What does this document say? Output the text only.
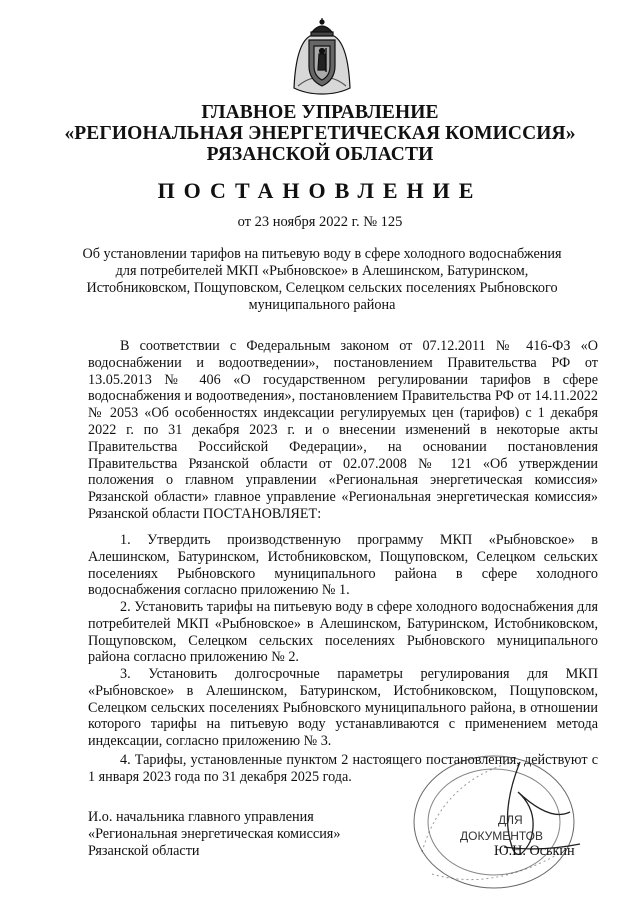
ГЛАВНОЕ УПРАВЛЕНИЕ
«РЕГИОНАЛЬНАЯ ЭНЕРГЕТИЧЕСКАЯ КОМИССИЯ»
РЯЗАНСКОЙ ОБЛАСТИ
ПОСТАНОВЛЕНИЕ
от 23 ноября 2022 г. № 125
Об установлении тарифов на питьевую воду в сфере холодного водоснабжения для потребителей МКП «Рыбновское» в Алешинском, Батуринском, Истобниковском, Пощуповском, Селецком сельских поселениях Рыбновского муниципального района

В соответствии с Федеральным законом от 07.12.2011 № 416-ФЗ «О водоснабжении и водоотведении», постановлением Правительства РФ от 13.05.2013 № 406 «О государственном регулировании тарифов в сфере водоснабжения и водоотведения», постановлением Правительства РФ от 14.11.2022 № 2053 «Об особенностях индексации регулируемых цен (тарифов) с 1 декабря 2022 г. по 31 декабря 2023 г. и о внесении изменений в некоторые акты Правительства Российской Федерации», на основании постановления Правительства Рязанской области от 02.07.2008 № 121 «Об утверждении положения о главном управлении «Региональная энергетическая комиссия» Рязанской области» главное управление «Региональная энергетическая комиссия» Рязанской области ПОСТАНОВЛЯЕТ:

1. Утвердить производственную программу МКП «Рыбновское» в Алешинском, Батуринском, Истобниковском, Пощуповском, Селецком сельских поселениях Рыбновского муниципального района в сфере холодного водоснабжения согласно приложению № 1.

2. Установить тарифы на питьевую воду в сфере холодного водоснабжения для потребителей МКП «Рыбновское» в Алешинском, Батуринском, Истобниковском, Пощуповском, Селецком сельских поселениях Рыбновского муниципального района согласно приложению № 2.

3. Установить долгосрочные параметры регулирования для МКП «Рыбновское» в Алешинском, Батуринском, Истобниковском, Пощуповском, Селецком сельских поселениях Рыбновского муниципального района, в отношении которого тарифы на питьевую воду устанавливаются с применением метода индексации, согласно приложению № 3.

4. Тарифы, установленные пунктом 2 настоящего постановления, действуют с 1 января 2023 года по 31 декабря 2025 года.

И.о. начальника главного управления
«Региональная энергетическая комиссия»
Рязанской области
ДЛЯ
ДОКУМЕНТОВ
Ю.Н. Оськин
